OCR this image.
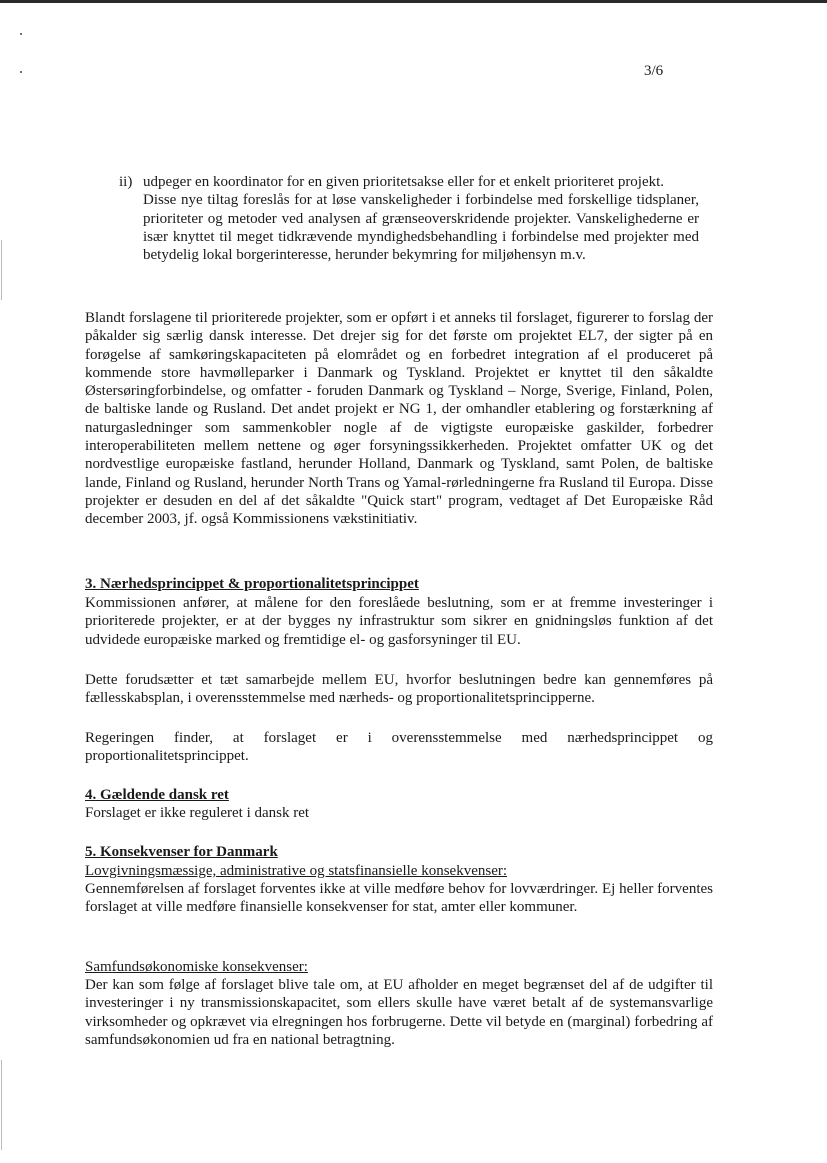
3/6
ii) udpeger en koordinator for en given prioritetsakse eller for et enkelt prioriteret projekt.
Disse nye tiltag foreslås for at løse vanskeligheder i forbindelse med forskellige tidsplaner, prioriteter og metoder ved analysen af grænseoverskridende projekter. Vanskelighederne er især knyttet til meget tidkrævende myndighedsbehandling i forbindelse med projekter med betydelig lokal borgerinteresse, herunder bekymring for miljøhensyn m.v.
Blandt forslagene til prioriterede projekter, som er opført i et anneks til forslaget, figurerer to forslag der påkalder sig særlig dansk interesse. Det drejer sig for det første om projektet EL7, der sigter på en forøgelse af samkøringskapaciteten på elområdet og en forbedret integration af el produceret på kommende store havmølleparker i Danmark og Tyskland. Projektet er knyttet til den såkaldte Østersøringforbindelse, og omfatter - foruden Danmark og Tyskland – Norge, Sverige, Finland, Polen, de baltiske lande og Rusland. Det andet projekt er NG 1, der omhandler etablering og forstærkning af naturgasledninger som sammenkobler nogle af de vigtigste europæiske gaskilder, forbedrer interoperabiliteten mellem nettene og øger forsyningssikkerheden. Projektet omfatter UK og det nordvestlige europæiske fastland, herunder Holland, Danmark og Tyskland, samt Polen, de baltiske lande, Finland og Rusland, herunder North Trans og Yamal-rørledningerne fra Rusland til Europa. Disse projekter er desuden en del af det såkaldte "Quick start" program, vedtaget af Det Europæiske Råd december 2003, jf. også Kommissionens vækstinitiativ.
3. Nærhedsprincippet & proportionalitetsprincippet
Kommissionen anfører, at målene for den foreslåede beslutning, som er at fremme investeringer i prioriterede projekter, er at der bygges ny infrastruktur som sikrer en gnidningsløs funktion af det udvidede europæiske marked og fremtidige el- og gasforsyninger til EU.
Dette forudsætter et tæt samarbejde mellem EU, hvorfor beslutningen bedre kan gennemføres på fællesskabsplan, i overensstemmelse med nærheds- og proportionalitetsprincipperne.
Regeringen finder, at forslaget er i overensstemmelse med nærhedsprincippet og proportionalitetsprincippet.
4. Gældende dansk ret
Forslaget er ikke reguleret i dansk ret
5. Konsekvenser for Danmark
Lovgivningsmæssige, administrative og statsfinansielle konsekvenser:
Gennemførelsen af forslaget forventes ikke at ville medføre behov for lovværdringer. Ej heller forventes forslaget at ville medføre finansielle konsekvenser for stat, amter eller kommuner.
Samfundsøkonomiske konsekvenser:
Der kan som følge af forslaget blive tale om, at EU afholder en meget begrænset del af de udgifter til investeringer i ny transmissionskapacitet, som ellers skulle have været betalt af de systemansvarlige virksomheder og opkrævet via elregningen hos forbrugerne. Dette vil betyde en (marginal) forbedring af samfundsøkonomien ud fra en national betragtning.
